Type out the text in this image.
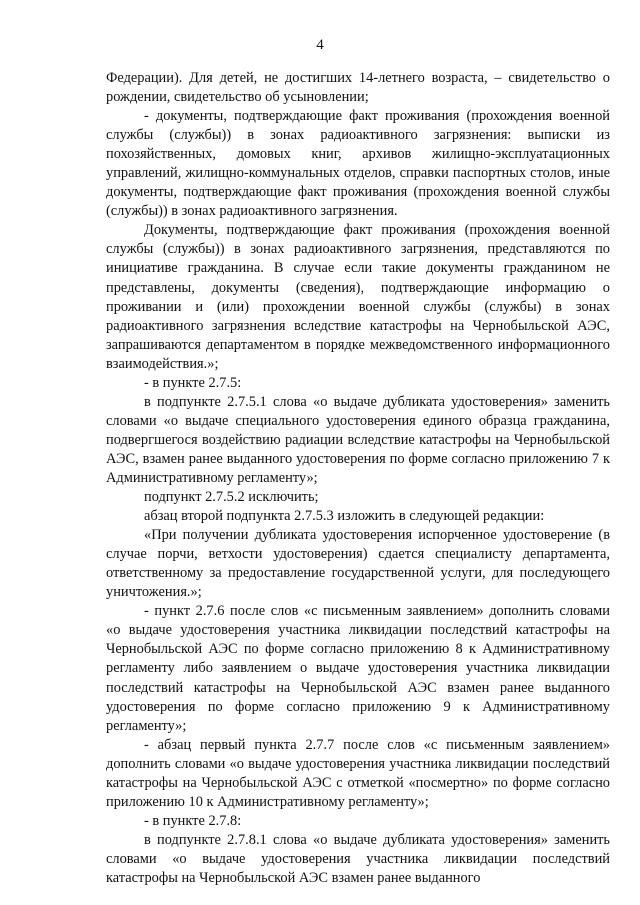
4

Федерации). Для детей, не достигших 14-летнего возраста, – свидетельство о рождении, свидетельство об усыновлении;

- документы, подтверждающие факт проживания (прохождения военной службы (службы)) в зонах радиоактивного загрязнения: выписки из похозяйственных, домовых книг, архивов жилищно-эксплуатационных управлений, жилищно-коммунальных отделов, справки паспортных столов, иные документы, подтверждающие факт проживания (прохождения военной службы (службы)) в зонах радиоактивного загрязнения.

Документы, подтверждающие факт проживания (прохождения военной службы (службы)) в зонах радиоактивного загрязнения, представляются по инициативе гражданина. В случае если такие документы гражданином не представлены, документы (сведения), подтверждающие информацию о проживании и (или) прохождении военной службы (службы) в зонах радиоактивного загрязнения вследствие катастрофы на Чернобыльской АЭС, запрашиваются департаментом в порядке межведомственного информационного взаимодействия.»;

- в пункте 2.7.5:

в подпункте 2.7.5.1 слова «о выдаче дубликата удостоверения» заменить словами «о выдаче специального удостоверения единого образца гражданина, подвергшегося воздействию радиации вследствие катастрофы на Чернобыльской АЭС, взамен ранее выданного удостоверения по форме согласно приложению 7 к Административному регламенту»;

подпункт 2.7.5.2 исключить;

абзац второй подпункта 2.7.5.3 изложить в следующей редакции:

«При получении дубликата удостоверения испорченное удостоверение (в случае порчи, ветхости удостоверения) сдается специалисту департамента, ответственному за предоставление государственной услуги, для последующего уничтожения.»;

- пункт 2.7.6 после слов «с письменным заявлением» дополнить словами «о выдаче удостоверения участника ликвидации последствий катастрофы на Чернобыльской АЭС по форме согласно приложению 8 к Административному регламенту либо заявлением о выдаче удостоверения участника ликвидации последствий катастрофы на Чернобыльской АЭС взамен ранее выданного удостоверения по форме согласно приложению 9 к Административному регламенту»;

- абзац первый пункта 2.7.7 после слов «с письменным заявлением» дополнить словами «о выдаче удостоверения участника ликвидации последствий катастрофы на Чернобыльской АЭС с отметкой «посмертно» по форме согласно приложению 10 к Административному регламенту»;

- в пункте 2.7.8:

в подпункте 2.7.8.1 слова «о выдаче дубликата удостоверения» заменить словами «о выдаче удостоверения участника ликвидации последствий катастрофы на Чернобыльской АЭС взамен ранее выданного
